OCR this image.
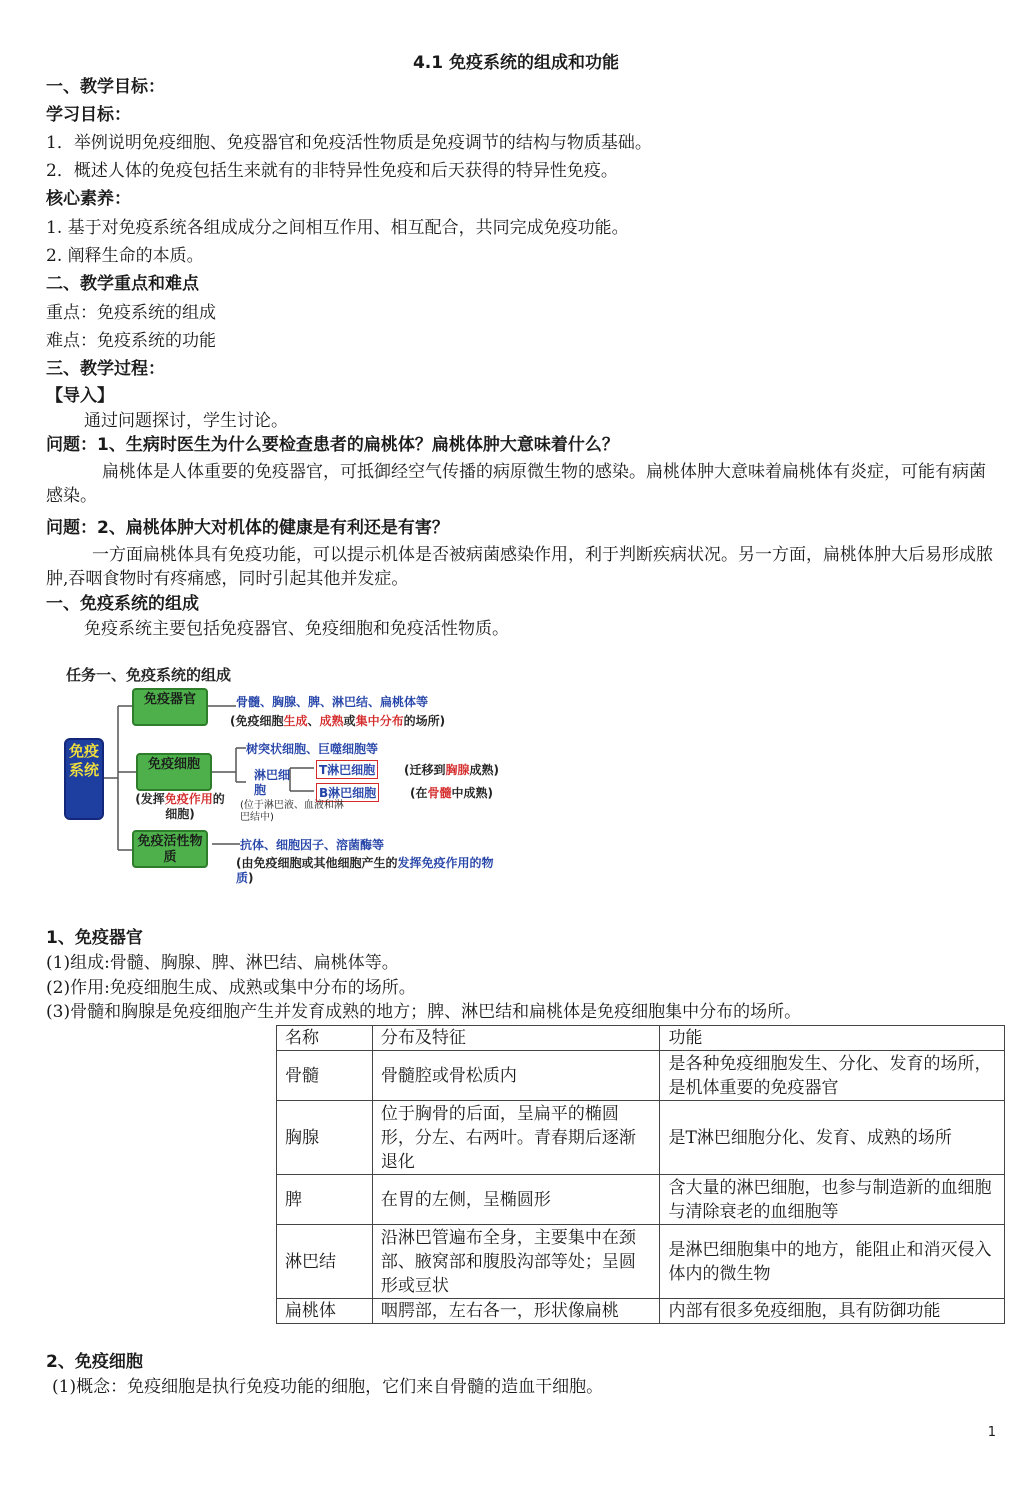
4.1 免疫系统的组成和功能
一、教学目标：
学习目标：
1．举例说明免疫细胞、免疫器官和免疫活性物质是免疫调节的结构与物质基础。
2．概述人体的免疫包括生来就有的非特异性免疫和后天获得的特异性免疫。
核心素养：
1. 基于对免疫系统各组成成分之间相互作用、相互配合，共同完成免疫功能。
2. 阐释生命的本质。
二、教学重点和难点
重点：免疫系统的组成
难点：免疫系统的功能
三、教学过程：
【导入】
通过问题探讨，学生讨论。
问题：1、生病时医生为什么要检查患者的扁桃体？扁桃体肿大意味着什么？
扁桃体是人体重要的免疫器官，可抵御经空气传播的病原微生物的感染。扁桃体肿大意味着扁桃体有炎症，可能有病菌感染。
问题：2、扁桃体肿大对机体的健康是有利还是有害？
一方面扁桃体具有免疫功能，可以提示机体是否被病菌感染作用，利于判断疾病状况。另一方面，扁桃体肿大后易形成脓肿,吞咽食物时有疼痛感，同时引起其他并发症。
一、免疫系统的组成
免疫系统主要包括免疫器官、免疫细胞和免疫活性物质。
任务一、免疫系统的组成
免疫系统
免疫器官	骨髓、胸腺、脾、淋巴结、扁桃体等
(免疫细胞生成、成熟或集中分布的场所)
免疫细胞
树突状细胞、巨噬细胞等
淋巴细胞
T淋巴细胞 (迁移到胸腺成熟)
B淋巴细胞	(在骨髓中成熟)
(位于淋巴液、血液和淋巴结中)
(发挥免疫作用的细胞)
免疫活性物质
抗体、细胞因子、溶菌酶等
(由免疫细胞或其他细胞产生的发挥免疫作用的物质)
1、免疫器官
(1)组成:骨髓、胸腺、脾、淋巴结、扁桃体等。
(2)作用:免疫细胞生成、成熟或集中分布的场所。
(3)骨髓和胸腺是免疫细胞产生并发育成熟的地方；脾、淋巴结和扁桃体是免疫细胞集中分布的场所。
名称	分布及特征	功能
骨髓	骨髓腔或骨松质内	是各种免疫细胞发生、分化、发育的场所，是机体重要的免疫器官
胸腺	位于胸骨的后面，呈扁平的椭圆形，分左、右两叶。青春期后逐渐退化	是T淋巴细胞分化、发育、成熟的场所
脾	在胃的左侧，呈椭圆形	含大量的淋巴细胞，也参与制造新的血细胞与清除衰老的血细胞等
淋巴结	沿淋巴管遍布全身，主要集中在颈部、腋窝部和腹股沟部等处；呈圆形或豆状	是淋巴细胞集中的地方，能阻止和消灭侵入体内的微生物
扁桃体	咽腭部，左右各一，形状像扁桃	内部有很多免疫细胞，具有防御功能
2、免疫细胞
(1)概念：免疫细胞是执行免疫功能的细胞，它们来自骨髓的造血干细胞。
1
